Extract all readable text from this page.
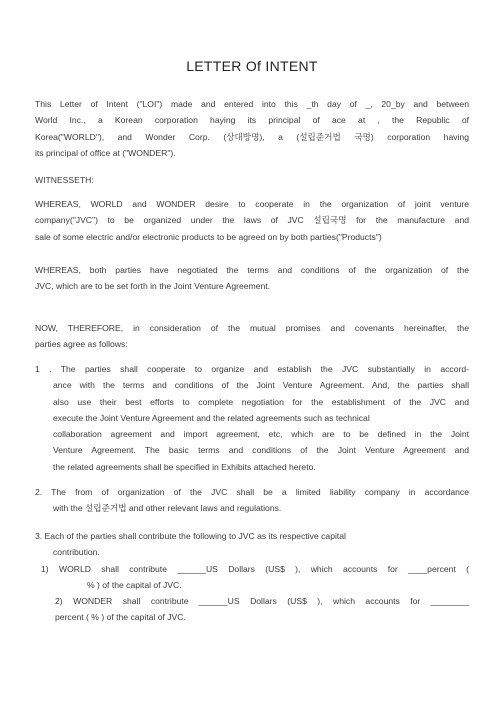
LETTER Of INTENT
This Letter of Intent ("LOI") made and entered into this _th day of _, 20_by and between
World Inc., a Korean corporation haying its principal of ace at , the Republic of
Korea("WORLD"), and Wonder Corp. (상대방명), a (설립준거법 국명) corporation having
its principal of office at ("WONDER").
WITNESSETH:
WHEREAS, WORLD and WONDER desire to cooperate in the organization of joint venture
company("JVC") to be organized under the laws of JVC 설립국명 for the manufacture and
sale of some electric and/or electronic products to be agreed on by both parties("Products")
WHEREAS, both parties have negotiated the terms and conditions of the organization of the
JVC, which are to be set forth in the Joint Venture Agreement.
NOW, THEREFORE, in consideration of the mutual promises and covenants hereinafter, the
parties agree as follows:
1 . The parties shall cooperate to organize and establish the JVC substantially in accord-
ance with the terms and conditions of the Joint Venture Agreement. And, the parties shall
also use their best efforts to complete negotiation for the establishment of the JVC and
execute the Joint Venture Agreement and the related agreements such as technical
collaboration agreement and import agreement, etc, which are to be defined in the Joint
Venture Agreement. The basic terms and conditions of the Joint Venture Agreement and
the related agreements shall be specified in Exhibits attached hereto.
2. The from of organization of the JVC shall be a limited liability company in accordance
with the 설립준거법 and other relevant laws and regulations.
3. Each of the parties shall contribute the following to JVC as its respective capital
contribution.
1) WORLD shall contribute ______US Dollars (US$ ), which accounts for ____percent (
% ) of the capital of JVC.
2) WONDER shall contribute ______US Dollars (US$ ), which accounts for ________
percent ( % ) of the capital of JVC.
